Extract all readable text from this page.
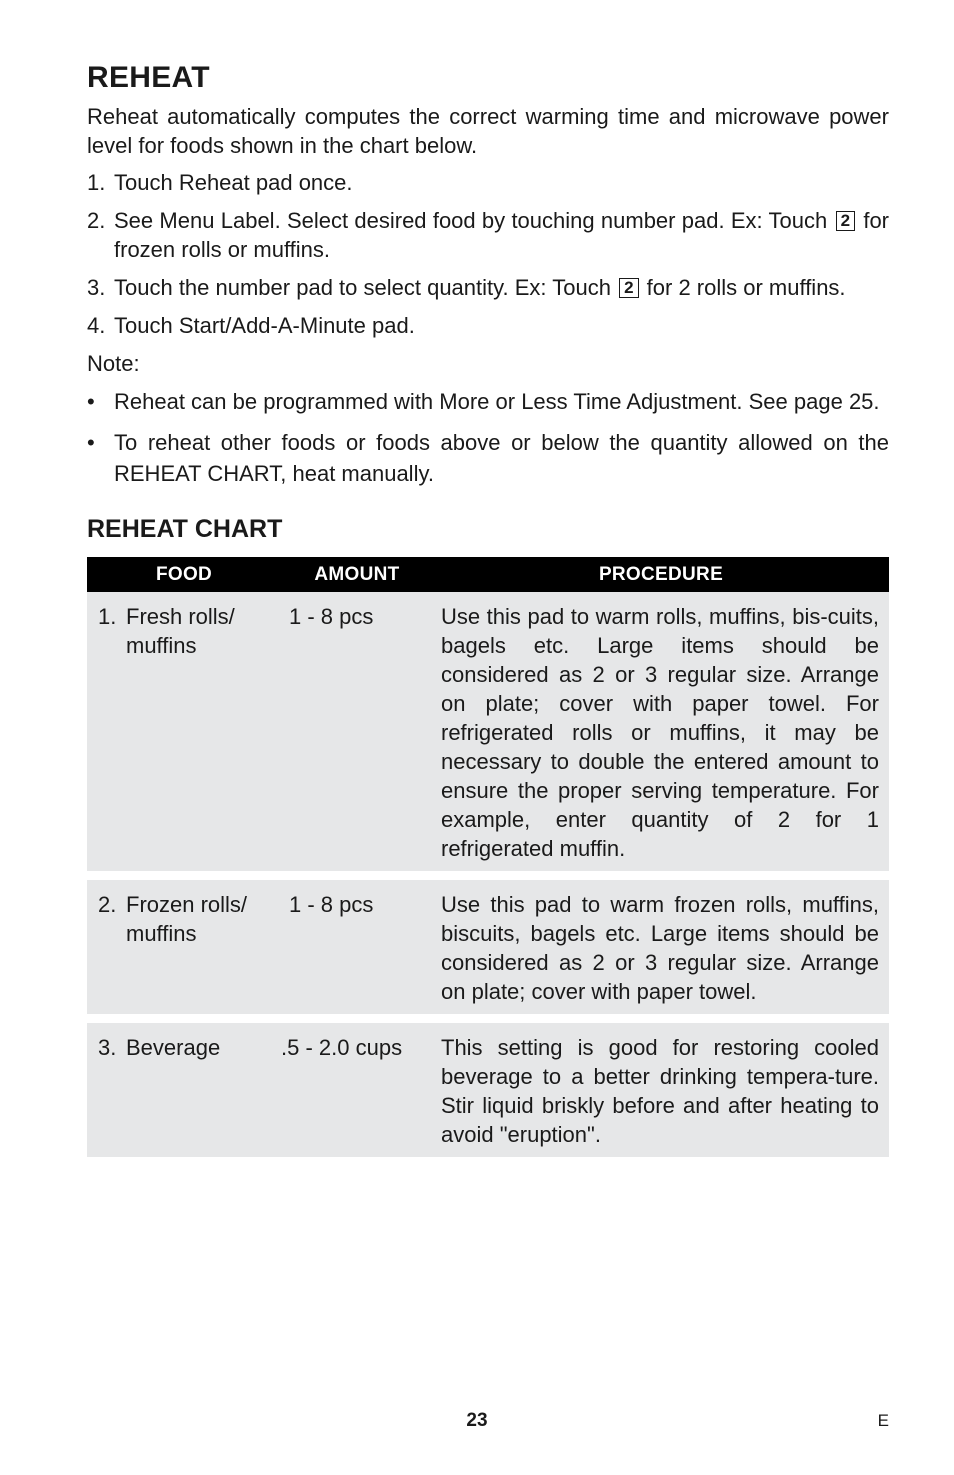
REHEAT

Reheat automatically computes the correct warming time and microwave power level for foods shown in the chart below.

1. Touch Reheat pad once.
2. See Menu Label. Select desired food by touching number pad. Ex: Touch 2 for frozen rolls or muffins.
3. Touch the number pad to select quantity. Ex: Touch 2 for 2 rolls or muffins.
4. Touch Start/Add-A-Minute pad.
Note:
• Reheat can be programmed with More or Less Time Adjustment. See page 25.
• To reheat other foods or foods above or below the quantity allowed on the REHEAT CHART, heat manually.
REHEAT CHART
FOOD	AMOUNT	PROCEDURE

1. Fresh rolls/ muffins	1 - 8 pcs	Use this pad to warm rolls, muffins, bis-cuits, bagels etc. Large items should be considered as 2 or 3 regular size. Arrange on plate; cover with paper towel. For refrigerated rolls or muffins, it may be necessary to double the entered amount to ensure the proper serving temperature. For example, enter quantity of 2 for 1 refrigerated muffin.

2. Frozen rolls/ muffins	1 - 8 pcs	Use this pad to warm frozen rolls, muffins, biscuits, bagels etc. Large items should be considered as 2 or 3 regular size. Arrange on plate; cover with paper towel.

3. Beverage	.5 - 2.0 cups	This setting is good for restoring cooled beverage to a better drinking tempera-ture. Stir liquid briskly before and after heating to avoid "eruption".
23	E
